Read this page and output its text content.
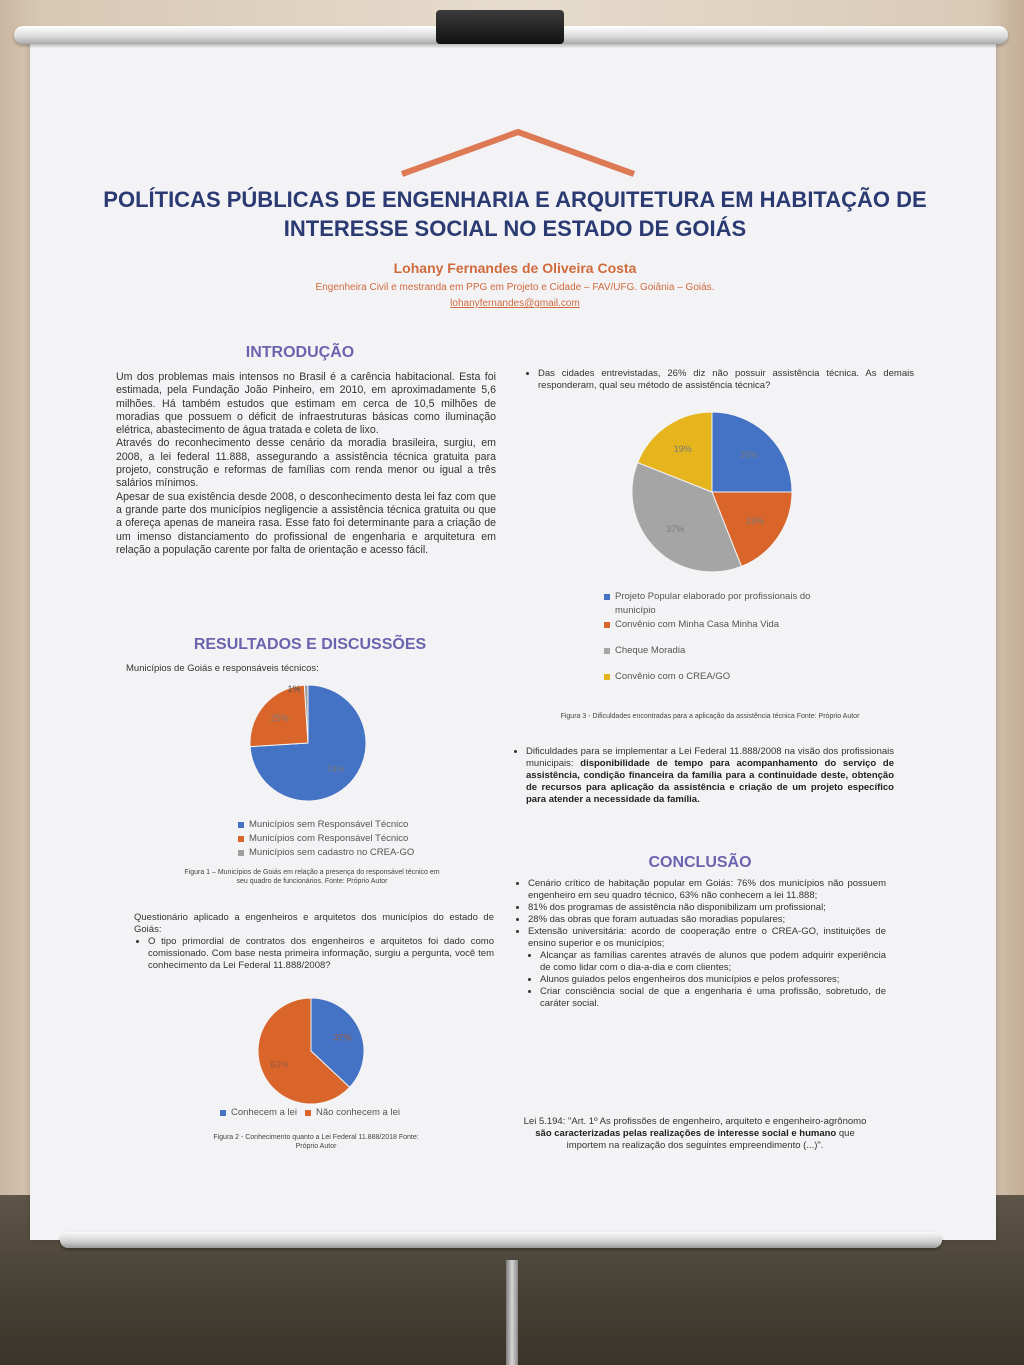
POLÍTICAS PÚBLICAS DE ENGENHARIA E ARQUITETURA EM HABITAÇÃO DE INTERESSE SOCIAL NO ESTADO DE GOIÁS
Lohany Fernandes de Oliveira Costa
Engenheira Civil e mestranda em PPG em Projeto e Cidade – FAV/UFG. Goiânia – Goiás.
lohanyfernandes@gmail.com
INTRODUÇÃO
Um dos problemas mais intensos no Brasil é a carência habitacional. Esta foi estimada, pela Fundação João Pinheiro, em 2010, em aproximadamente 5,6 milhões. Há também estudos que estimam em cerca de 10,5 milhões de moradias que possuem o déficit de infraestruturas básicas como iluminação elétrica, abastecimento de água tratada e coleta de lixo.
Através do reconhecimento desse cenário da moradia brasileira, surgiu, em 2008, a lei federal 11.888, assegurando a assistência técnica gratuita para projeto, construção e reformas de famílias com renda menor ou igual a três salários mínimos.
Apesar de sua existência desde 2008, o desconhecimento desta lei faz com que a grande parte dos municípios negligencie a assistência técnica gratuita ou que a ofereça apenas de maneira rasa. Esse fato foi determinante para a criação de um imenso distanciamento do profissional de engenharia e arquitetura em relação a população carente por falta de orientação e acesso fácil.
RESULTADOS E DISCUSSÕES
Municípios de Goiás e responsáveis técnicos:
74%
25%
1%
Municípios sem Responsável Técnico
Municípios com Responsável Técnico
Municípios sem cadastro no CREA-GO
Figura 1 – Municípios de Goiás em relação a presença do responsável técnico em seu quadro de funcionários. Fonte: Próprio Autor
Questionário aplicado a engenheiros e arquitetos dos municípios do estado de Goiás:
• O tipo primordial de contratos dos engenheiros e arquitetos foi dado como comissionado. Com base nesta primeira informação, surgiu a pergunta, você tem conhecimento da Lei Federal 11.888/2008?
37%
63%
Conhecem a lei Não conhecem a lei
Figura 2 - Conhecimento quanto a Lei Federal 11.888/2018 Fonte: Próprio Autor
• Das cidades entrevistadas, 26% diz não possuir assistência técnica. As demais responderam, qual seu método de assistência técnica?
25%
19%
37%
19%
Projeto Popular elaborado por profissionais do município
Convênio com Minha Casa Minha Vida
Cheque Moradia
Convênio com o CREA/GO
Figura 3 - Dificuldades encontradas para a aplicação da assistência técnica Fonte: Próprio Autor
• Dificuldades para se implementar a Lei Federal 11.888/2008 na visão dos profissionais municipais: disponibilidade de tempo para acompanhamento do serviço de assistência, condição financeira da família para a continuidade deste, obtenção de recursos para aplicação da assistência e criação de um projeto específico para atender a necessidade da família.
CONCLUSÃO
• Cenário crítico de habitação popular em Goiás: 76% dos municípios não possuem engenheiro em seu quadro técnico, 63% não conhecem a lei 11.888;
• 81% dos programas de assistência não disponibilizam um profissional;
• 28% das obras que foram autuadas são moradias populares;
• Extensão universitária: acordo de cooperação entre o CREA-GO, instituições de ensino superior e os municípios;
• Alcançar as famílias carentes através de alunos que podem adquirir experiência de como lidar com o dia-a-dia e com clientes;
• Alunos guiados pelos engenheiros dos municípios e pelos professores;
• Criar consciência social de que a engenharia é uma profissão, sobretudo, de caráter social.
Lei 5.194: "Art. 1º As profissões de engenheiro, arquiteto e engenheiro-agrônomo são caracterizadas pelas realizações de interesse social e humano que importem na realização dos seguintes empreendimento (...)".
